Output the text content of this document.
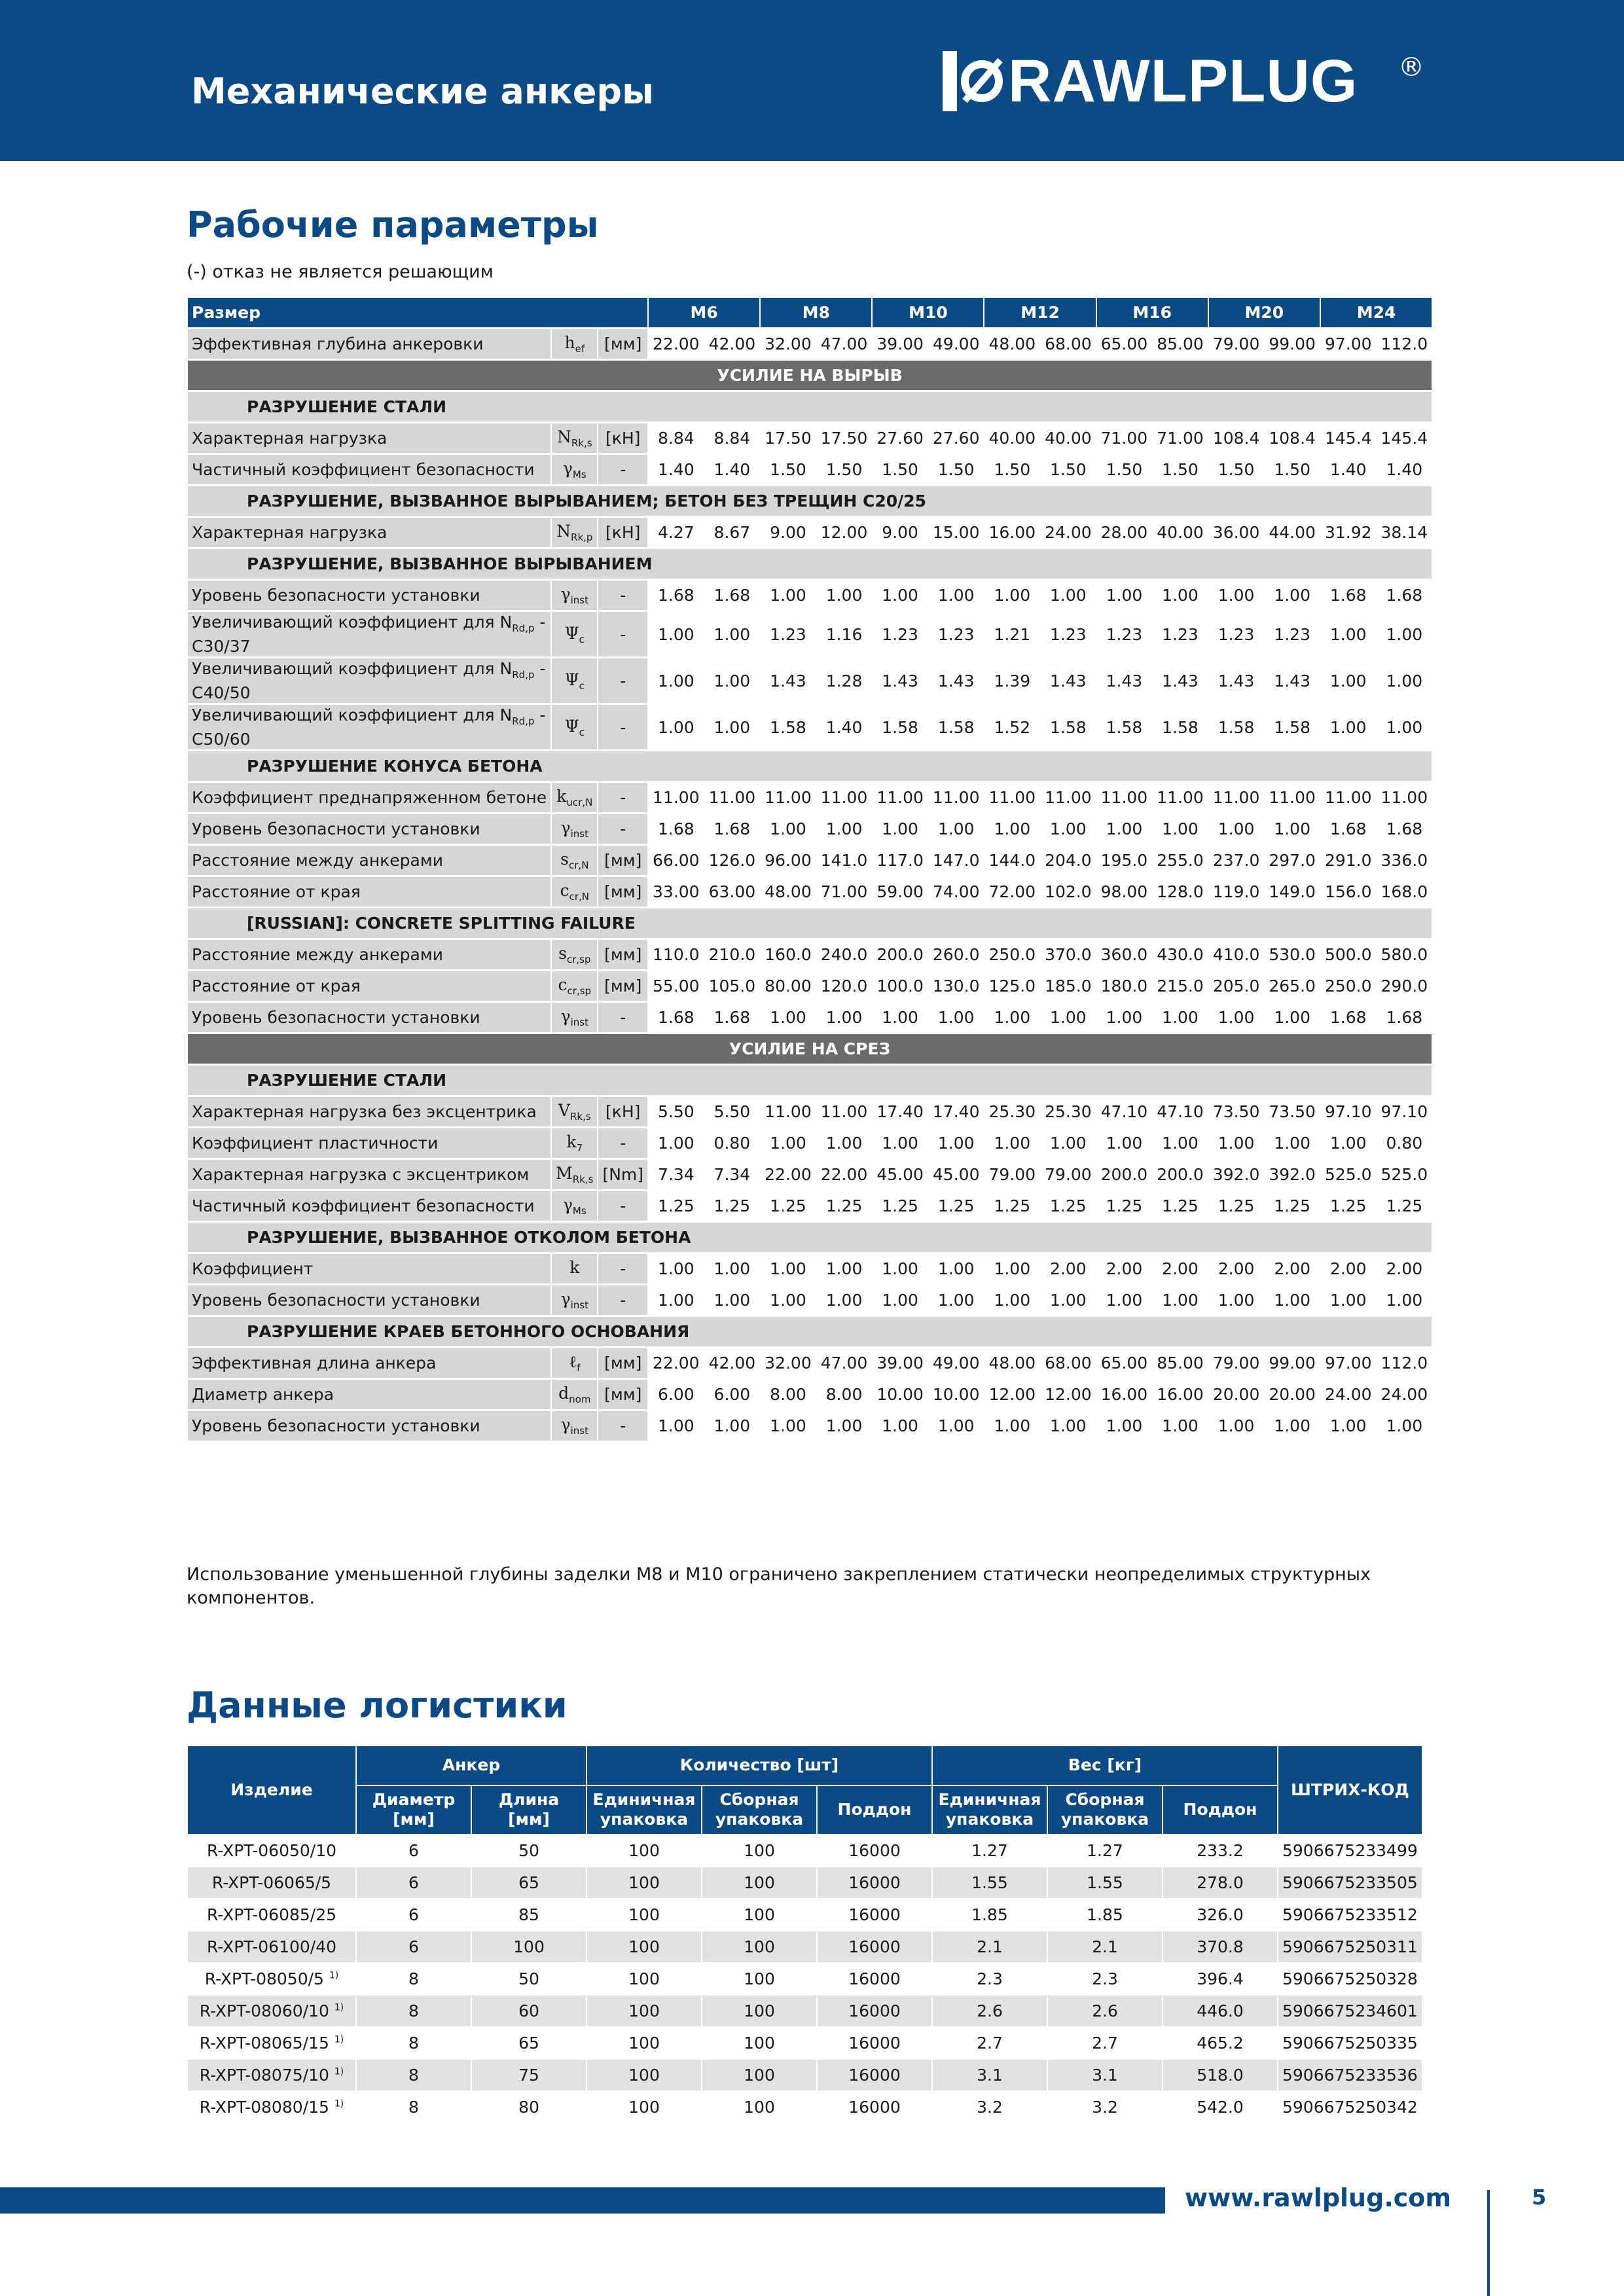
Механические анкеры	RAWLPLUG ®
Рабочие параметры
(-) отказ не является решающим
Размер			M6		M8		M10		M12		M16		M20		M24	
Эффективная глубина анкеровки	$h_{ef}$	[мм]	22.00	42.00	32.00	47.00	39.00	49.00	48.00	68.00	65.00	85.00	79.00	99.00	97.00	112.0
УСИЛИЕ НА ВЫРЫВ																
РАЗРУШЕНИЕ СТАЛИ																
Характерная нагрузка	$N_{Rk,s}$	[кН]	8.84	8.84	17.50	17.50	27.60	27.60	40.00	40.00	71.00	71.00	108.4	108.4	145.4	145.4
Частичный коэффициент безопасности	$\gamma_{Ms}$	-	1.40	1.40	1.50	1.50	1.50	1.50	1.50	1.50	1.50	1.50	1.50	1.50	1.40	1.40
РАЗРУШЕНИЕ, ВЫЗВАННОЕ ВЫРЫВАНИЕМ; БЕТОН БЕЗ ТРЕЩИН C20/25																
Характерная нагрузка	$N_{Rk,p}$	[кН]	4.27	8.67	9.00	12.00	9.00	15.00	16.00	24.00	28.00	40.00	36.00	44.00	31.92	38.14
РАЗРУШЕНИЕ, ВЫЗВАННОЕ ВЫРЫВАНИЕМ																
Уровень безопасности установки	$\gamma_{inst}$	-	1.68	1.68	1.00	1.00	1.00	1.00	1.00	1.00	1.00	1.00	1.00	1.00	1.68	1.68
Увеличивающий коэффициент для $N_{Rd,p} - C30/37$	$\Psi_c$	-	1.00	1.00	1.23	1.16	1.23	1.23	1.21	1.23	1.23	1.23	1.23	1.23	1.00	1.00
Увеличивающий коэффициент для $N_{Rd,p} - C40/50$	$\Psi_c$	-	1.00	1.00	1.43	1.28	1.43	1.43	1.39	1.43	1.43	1.43	1.43	1.43	1.00	1.00
Увеличивающий коэффициент для $N_{Rd,p} - C50/60$	$\Psi_c$	-	1.00	1.00	1.58	1.40	1.58	1.58	1.52	1.58	1.58	1.58	1.58	1.58	1.00	1.00
РАЗРУШЕНИЕ КОНУСА БЕТОНА																
Коэффициент преднапряженном бетоне	$k_{ucr,N}$	-	11.00	11.00	11.00	11.00	11.00	11.00	11.00	11.00	11.00	11.00	11.00	11.00	11.00	11.00
Уровень безопасности установки	$\gamma_{inst}$	-	1.68	1.68	1.00	1.00	1.00	1.00	1.00	1.00	1.00	1.00	1.00	1.00	1.68	1.68
Расстояние между анкерами	$s_{cr,N}$	[мм]	66.00	126.0	96.00	141.0	117.0	147.0	144.0	204.0	195.0	255.0	237.0	297.0	291.0	336.0
Расстояние от края	$c_{cr,N}$	[мм]	33.00	63.00	48.00	71.00	59.00	74.00	72.00	102.0	98.00	128.0	119.0	149.0	156.0	168.0
[RUSSIAN]: CONCRETE SPLITTING FAILURE																
Расстояние между анкерами	$s_{cr,sp}$	[мм]	110.0	210.0	160.0	240.0	200.0	260.0	250.0	370.0	360.0	430.0	410.0	530.0	500.0	580.0
Расстояние от края	$c_{cr,sp}$	[мм]	55.00	105.0	80.00	120.0	100.0	130.0	125.0	185.0	180.0	215.0	205.0	265.0	250.0	290.0
Уровень безопасности установки	$\gamma_{inst}$	-	1.68	1.68	1.00	1.00	1.00	1.00	1.00	1.00	1.00	1.00	1.00	1.00	1.68	1.68
УСИЛИЕ НА СРЕЗ																
РАЗРУШЕНИЕ СТАЛИ																
Характерная нагрузка без эксцентрика	$V_{Rk,s}$	[кН]	5.50	5.50	11.00	11.00	17.40	17.40	25.30	25.30	47.10	47.10	73.50	73.50	97.10	97.10
Коэффициент пластичности	$k_7$	-	1.00	0.80	1.00	1.00	1.00	1.00	1.00	1.00	1.00	1.00	1.00	1.00	1.00	0.80
Характерная нагрузка с эксцентриком	$M_{Rk,s}$	[Nm]	7.34	7.34	22.00	22.00	45.00	45.00	79.00	79.00	200.0	200.0	392.0	392.0	525.0	525.0
Частичный коэффициент безопасности	$\gamma_{Ms}$	-	1.25	1.25	1.25	1.25	1.25	1.25	1.25	1.25	1.25	1.25	1.25	1.25	1.25	1.25
РАЗРУШЕНИЕ, ВЫЗВАННОЕ ОТКОЛОМ БЕТОНА																
Коэффициент	k	-	1.00	1.00	1.00	1.00	1.00	1.00	1.00	2.00	2.00	2.00	2.00	2.00	2.00	2.00
Уровень безопасности установки	$\gamma_{inst}$	-	1.00	1.00	1.00	1.00	1.00	1.00	1.00	1.00	1.00	1.00	1.00	1.00	1.00	1.00
РАЗРУШЕНИЕ КРАЕВ БЕТОННОГО ОСНОВАНИЯ																
Эффективная длина анкера	ℓ$_f$	[мм]	22.00	42.00	32.00	47.00	39.00	49.00	48.00	68.00	65.00	85.00	79.00	99.00	97.00	112.0
Диаметр анкера	$d_{nom}$	[мм]	6.00	6.00	8.00	8.00	10.00	10.00	12.00	12.00	16.00	16.00	20.00	20.00	24.00	24.00
Уровень безопасности установки	$\gamma_{inst}$	-	1.00	1.00	1.00	1.00	1.00	1.00	1.00	1.00	1.00	1.00	1.00	1.00	1.00	1.00
Использование уменьшенной глубины заделки M8 и M10 ограничено закреплением статически неопределимых структурных компонентов.
Данные логистики
Изделие	Анкер		Количество [шт]			Вес [кг]			ШТРИХ-КОД
	Диаметр [мм]	Длина [мм]	Единичная упаковка	Сборная упаковка	Поддон	Единичная упаковка	Сборная упаковка	Поддон	
R-XPT-06050/10	6	50	100	100	16000	1.27	1.27	233.2	5906675233499
R-XPT-06065/5	6	65	100	100	16000	1.55	1.55	278.0	5906675233505
R-XPT-06085/25	6	85	100	100	16000	1.85	1.85	326.0	5906675233512
R-XPT-06100/40	6	100	100	100	16000	2.1	2.1	370.8	5906675250311
R-XPT-08050/5 $^{1)}$	8	50	100	100	16000	2.3	2.3	396.4	5906675250328
R-XPT-08060/10 $^{1)}$	8	60	100	100	16000	2.6	2.6	446.0	5906675234601
R-XPT-08065/15 $^{1)}$	8	65	100	100	16000	2.7	2.7	465.2	5906675250335
R-XPT-08075/10 $^{1)}$	8	75	100	100	16000	3.1	3.1	518.0	5906675233536
R-XPT-08080/15 $^{1)}$	8	80	100	100	16000	3.2	3.2	542.0	5906675250342
www.rawlplug.com	5
